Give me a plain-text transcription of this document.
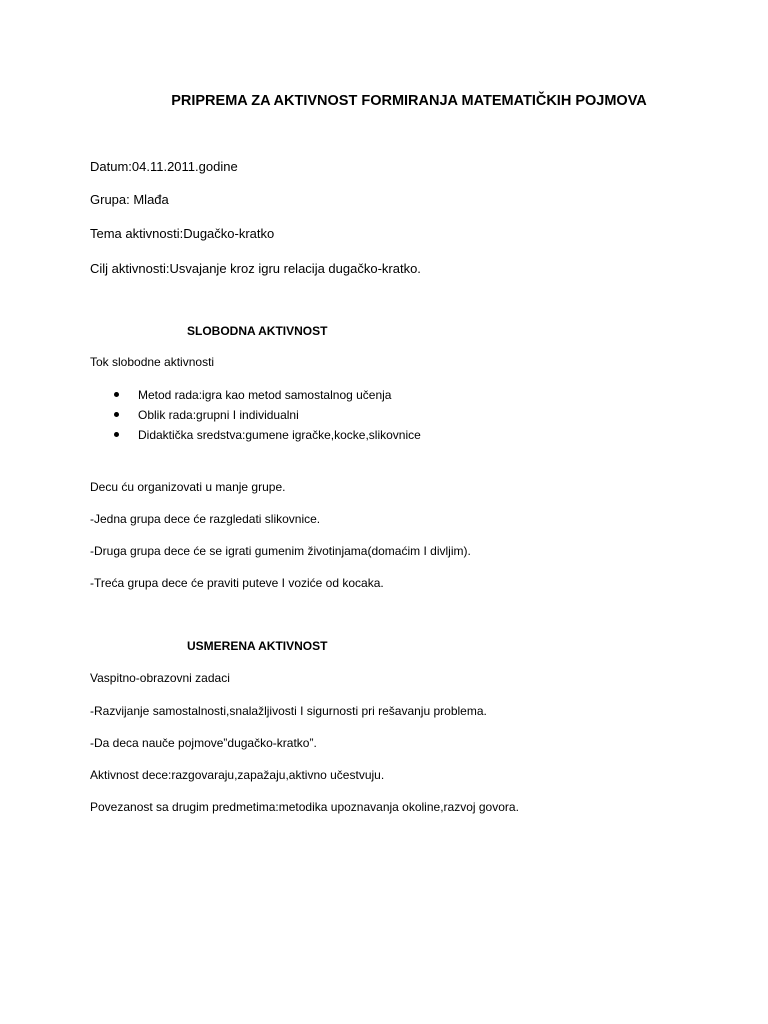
PRIPREMA ZA AKTIVNOST FORMIRANJA MATEMATIČKIH POJMOVA
Datum:04.11.2011.godine
Grupa: Mlađa
Tema aktivnosti:Dugačko-kratko
Cilj aktivnosti:Usvajanje kroz igru relacija dugačko-kratko.
SLOBODNA AKTIVNOST
Tok slobodne aktivnosti
Metod rada:igra kao metod samostalnog učenja
Oblik rada:grupni I individualni
Didaktička sredstva:gumene igračke,kocke,slikovnice
Decu ću organizovati u manje grupe.
-Jedna grupa dece će razgledati slikovnice.
-Druga grupa dece će se igrati gumenim životinjama(domaćim I divljim).
-Treća grupa dece će praviti puteve I voziće od kocaka.
USMERENA AKTIVNOST
Vaspitno-obrazovni zadaci
-Razvijanje samostalnosti,snalažljivosti I sigurnosti pri rešavanju problema.
-Da deca nauče pojmove”dugačko-kratko”.
Aktivnost dece:razgovaraju,zapažaju,aktivno učestvuju.
Povezanost sa drugim predmetima:metodika upoznavanja okoline,razvoj govora.
